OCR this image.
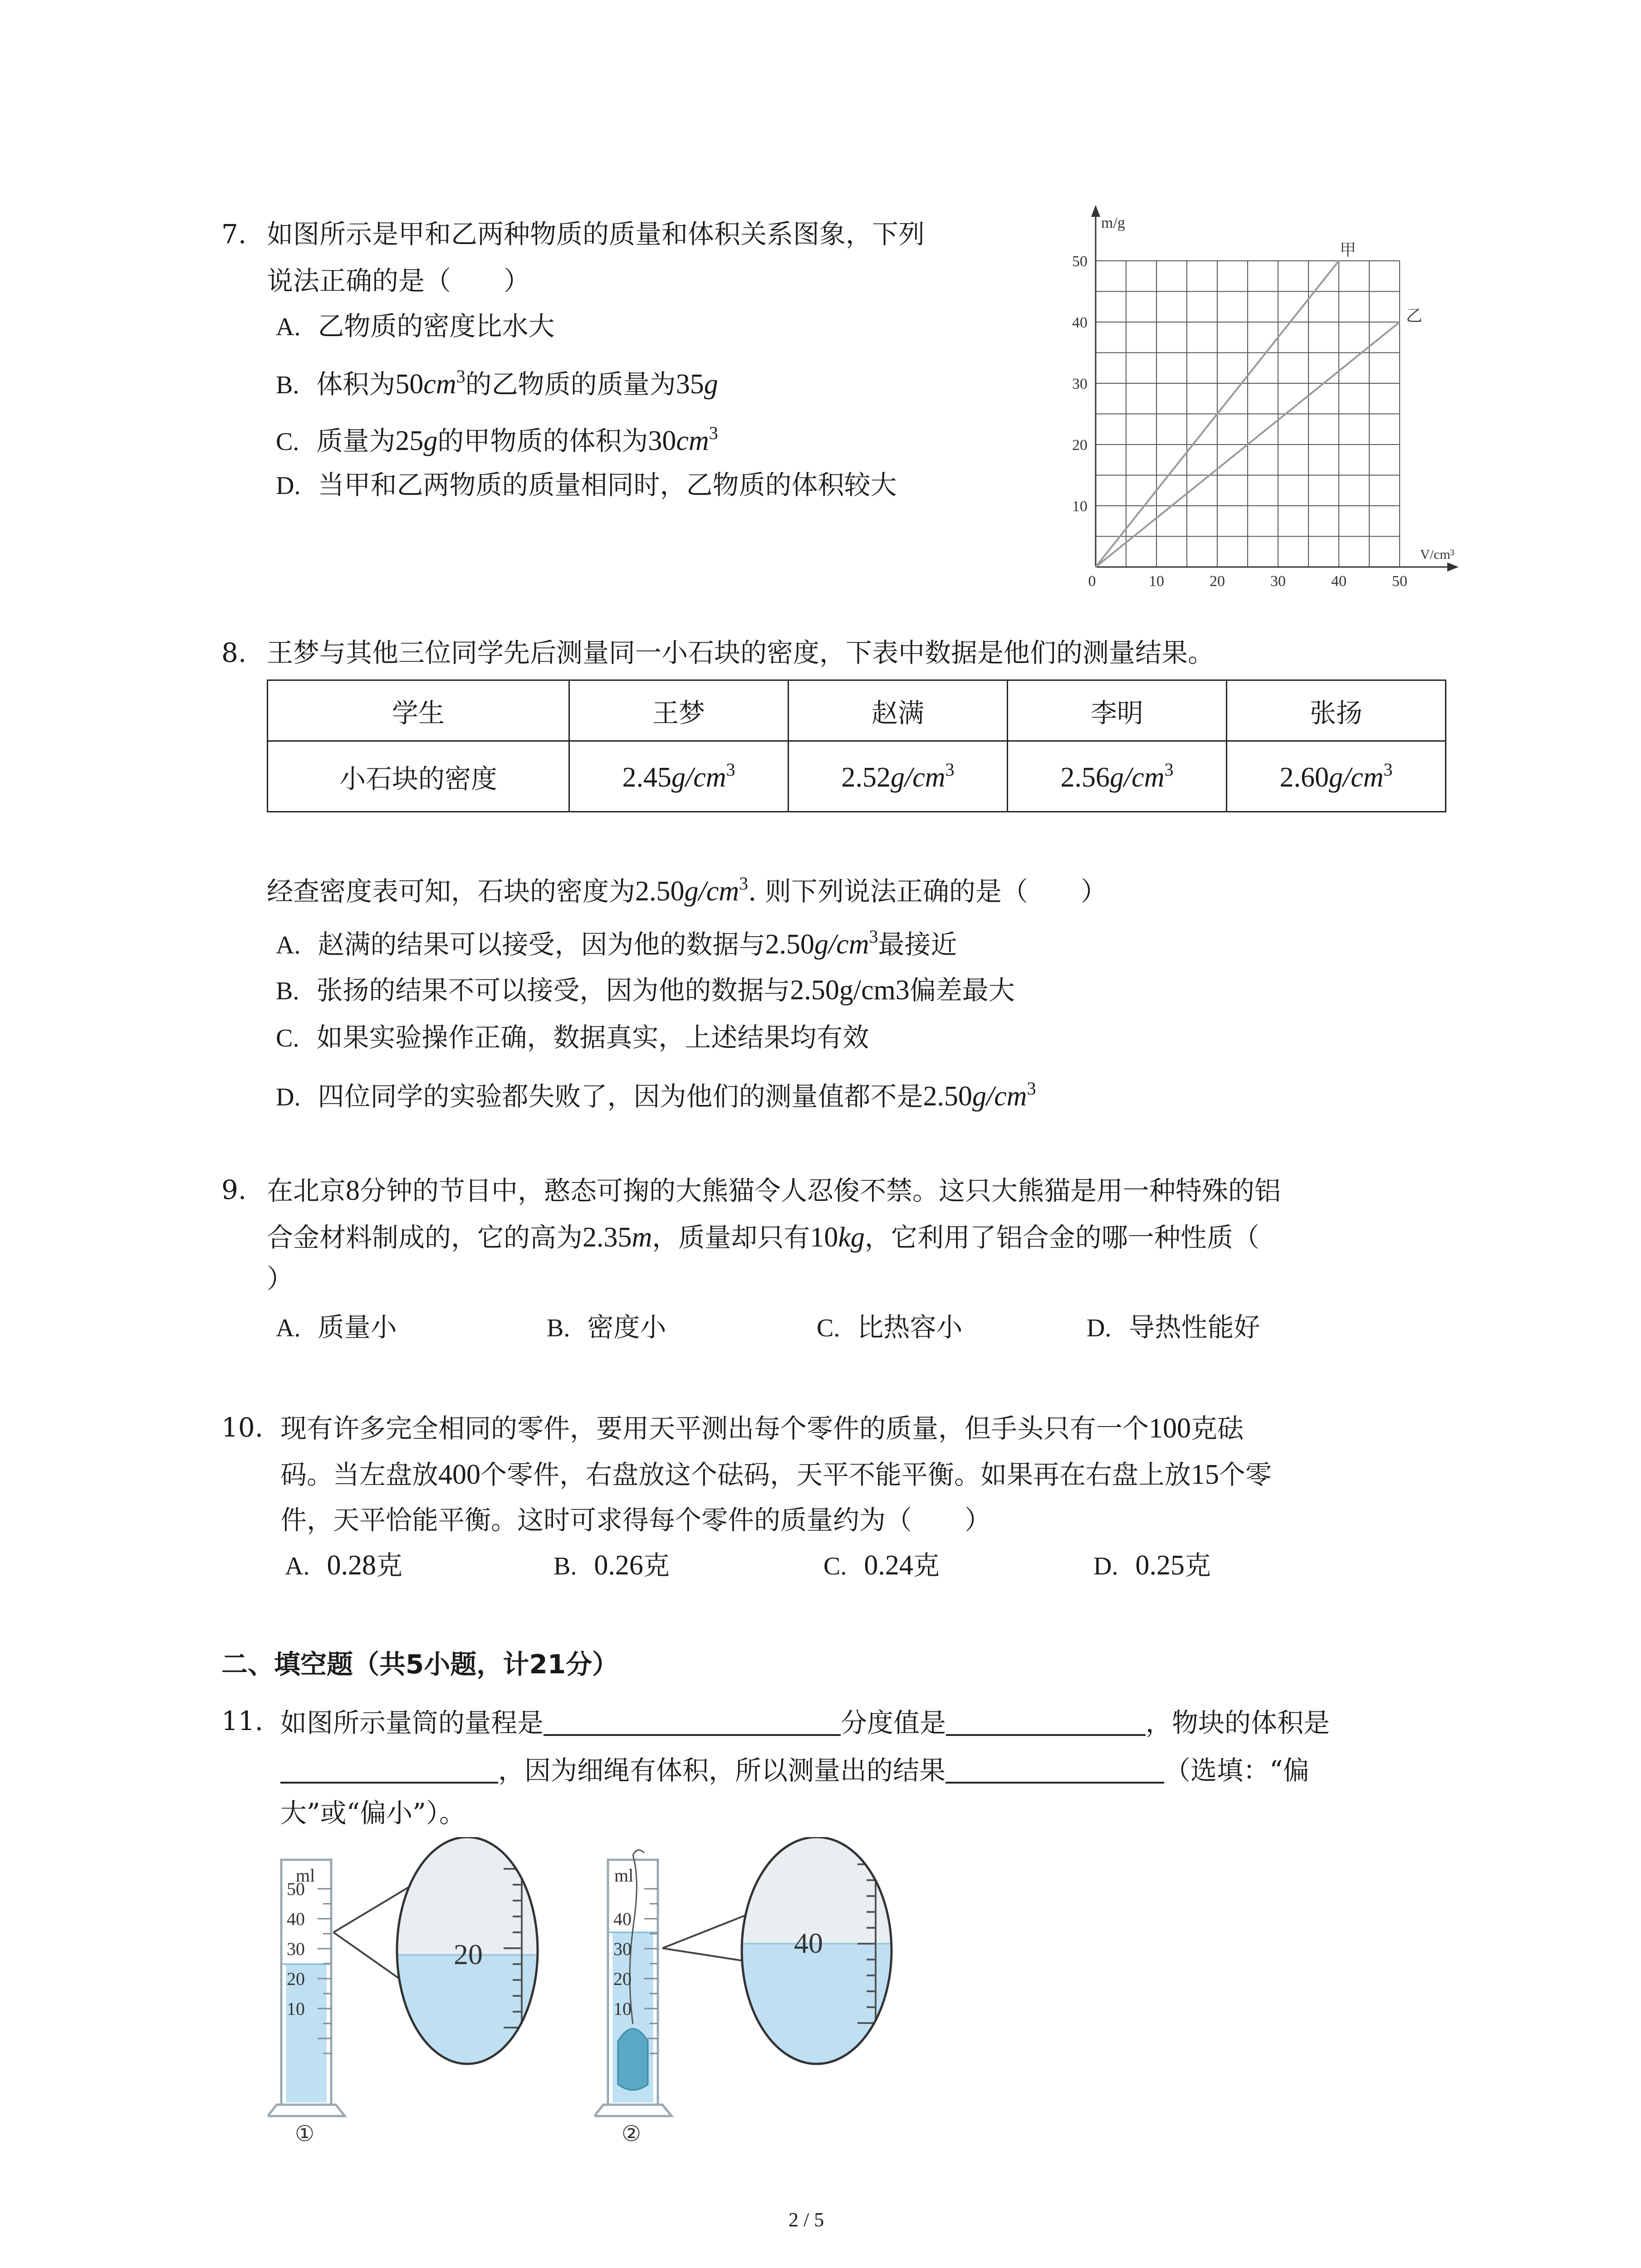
7. 如图所示是甲和乙两种物质的质量和体积关系图象，下列
说法正确的是（　　）
A. 乙物质的密度比水大
B. 体积为$50cm^3$的乙物质的质量为35g
C. 质量为25g的甲物质的体积为$30cm^3$
D. 当甲和乙两物质的质量相同时，乙物质的体积较大
m/g
V/cm³
0	10	20	30	40	50
10
20
30
40
50
甲
乙
8. 王梦与其他三位同学先后测量同一小石块的密度，下表中数据是他们的测量结果。
学生	王梦	赵满	李明	张扬
小石块的密度	$2.45g/cm^3$	$2.52g/cm^3$	$2.56g/cm^3$	$2.60g/cm^3$
经查密度表可知，石块的密度为$2.50g/cm^3$. 则下列说法正确的是（　　）
A. 赵满的结果可以接受，因为他的数据与$2.50g/cm^3$最接近
B. 张扬的结果不可以接受，因为他的数据与2.50g/cm3偏差最大
C. 如果实验操作正确，数据真实，上述结果均有效
D. 四位同学的实验都失败了，因为他们的测量值都不是$2.50g/cm^3$
9. 在北京8分钟的节目中，憨态可掬的大熊猫令人忍俊不禁。这只大熊猫是用一种特殊的铝
合金材料制成的，它的高为2.35m，质量却只有10kg，它利用了铝合金的哪一种性质（
）
A. 质量小	B. 密度小	C. 比热容小	D. 导热性能好
10. 现有许多完全相同的零件，要用天平测出每个零件的质量，但手头只有一个100克砝
码。当左盘放400个零件，右盘放这个砝码，天平不能平衡。如果再在右盘上放15个零
件，天平恰能平衡。这时可求得每个零件的质量约为（　　）
A. 0.28克	B. 0.26克	C. 0.24克	D. 0.25克
二、填空题（共5小题，计21分）
11. 如图所示量筒的量程是	分度值是	，物块的体积是
，因为细绳有体积，所以测量出的结果	（选填：“偏
大”或“偏小”）。
ml
50
40
30
20
10
20
①
ml
40
30
20
10
40
②
2 / 5
